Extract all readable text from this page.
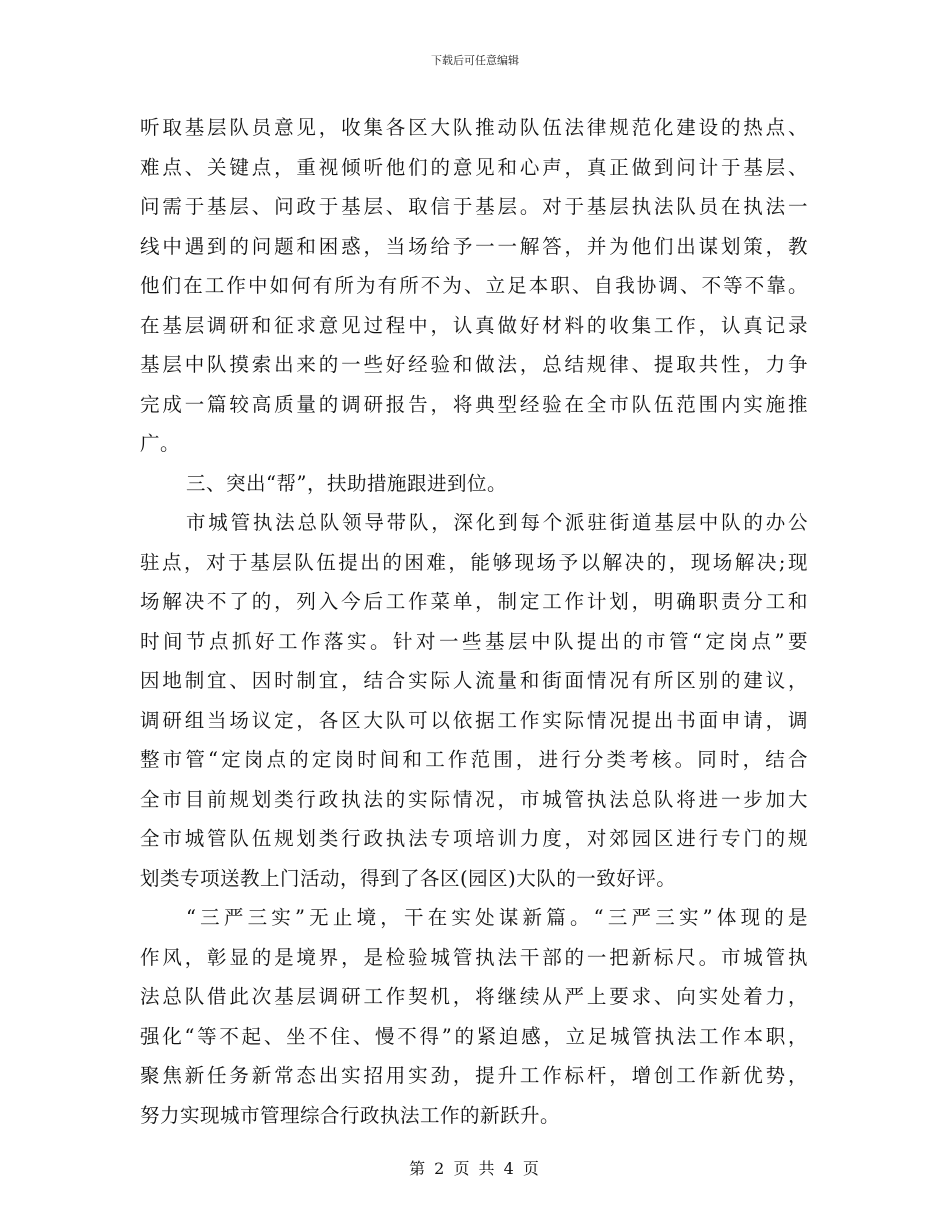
下载后可任意编辑
听取基层队员意见，收集各区大队推动队伍法律规范化建设的热点、
难点、关键点，重视倾听他们的意见和心声，真正做到问计于基层、
问需于基层、问政于基层、取信于基层。对于基层执法队员在执法一
线中遇到的问题和困惑，当场给予一一解答，并为他们出谋划策，教
他们在工作中如何有所为有所不为、立足本职、自我协调、不等不靠。
在基层调研和征求意见过程中，认真做好材料的收集工作，认真记录
基层中队摸索出来的一些好经验和做法，总结规律、提取共性，力争
完成一篇较高质量的调研报告，将典型经验在全市队伍范围内实施推
广。
三、突出“帮”，扶助措施跟进到位。
市城管执法总队领导带队，深化到每个派驻街道基层中队的办公
驻点，对于基层队伍提出的困难，能够现场予以解决的，现场解决;现
场解决不了的，列入今后工作菜单，制定工作计划，明确职责分工和
时间节点抓好工作落实。针对一些基层中队提出的市管“定岗点”要
因地制宜、因时制宜，结合实际人流量和街面情况有所区别的建议，
调研组当场议定，各区大队可以依据工作实际情况提出书面申请，调
整市管“定岗点的定岗时间和工作范围，进行分类考核。同时，结合
全市目前规划类行政执法的实际情况，市城管执法总队将进一步加大
全市城管队伍规划类行政执法专项培训力度，对郊园区进行专门的规
划类专项送教上门活动，得到了各区(园区)大队的一致好评。
“三严三实”无止境，干在实处谋新篇。“三严三实”体现的是
作风，彰显的是境界，是检验城管执法干部的一把新标尺。市城管执
法总队借此次基层调研工作契机，将继续从严上要求、向实处着力，
强化“等不起、坐不住、慢不得”的紧迫感，立足城管执法工作本职，
聚焦新任务新常态出实招用实劲，提升工作标杆，增创工作新优势，
努力实现城市管理综合行政执法工作的新跃升。
第 2 页 共 4 页
